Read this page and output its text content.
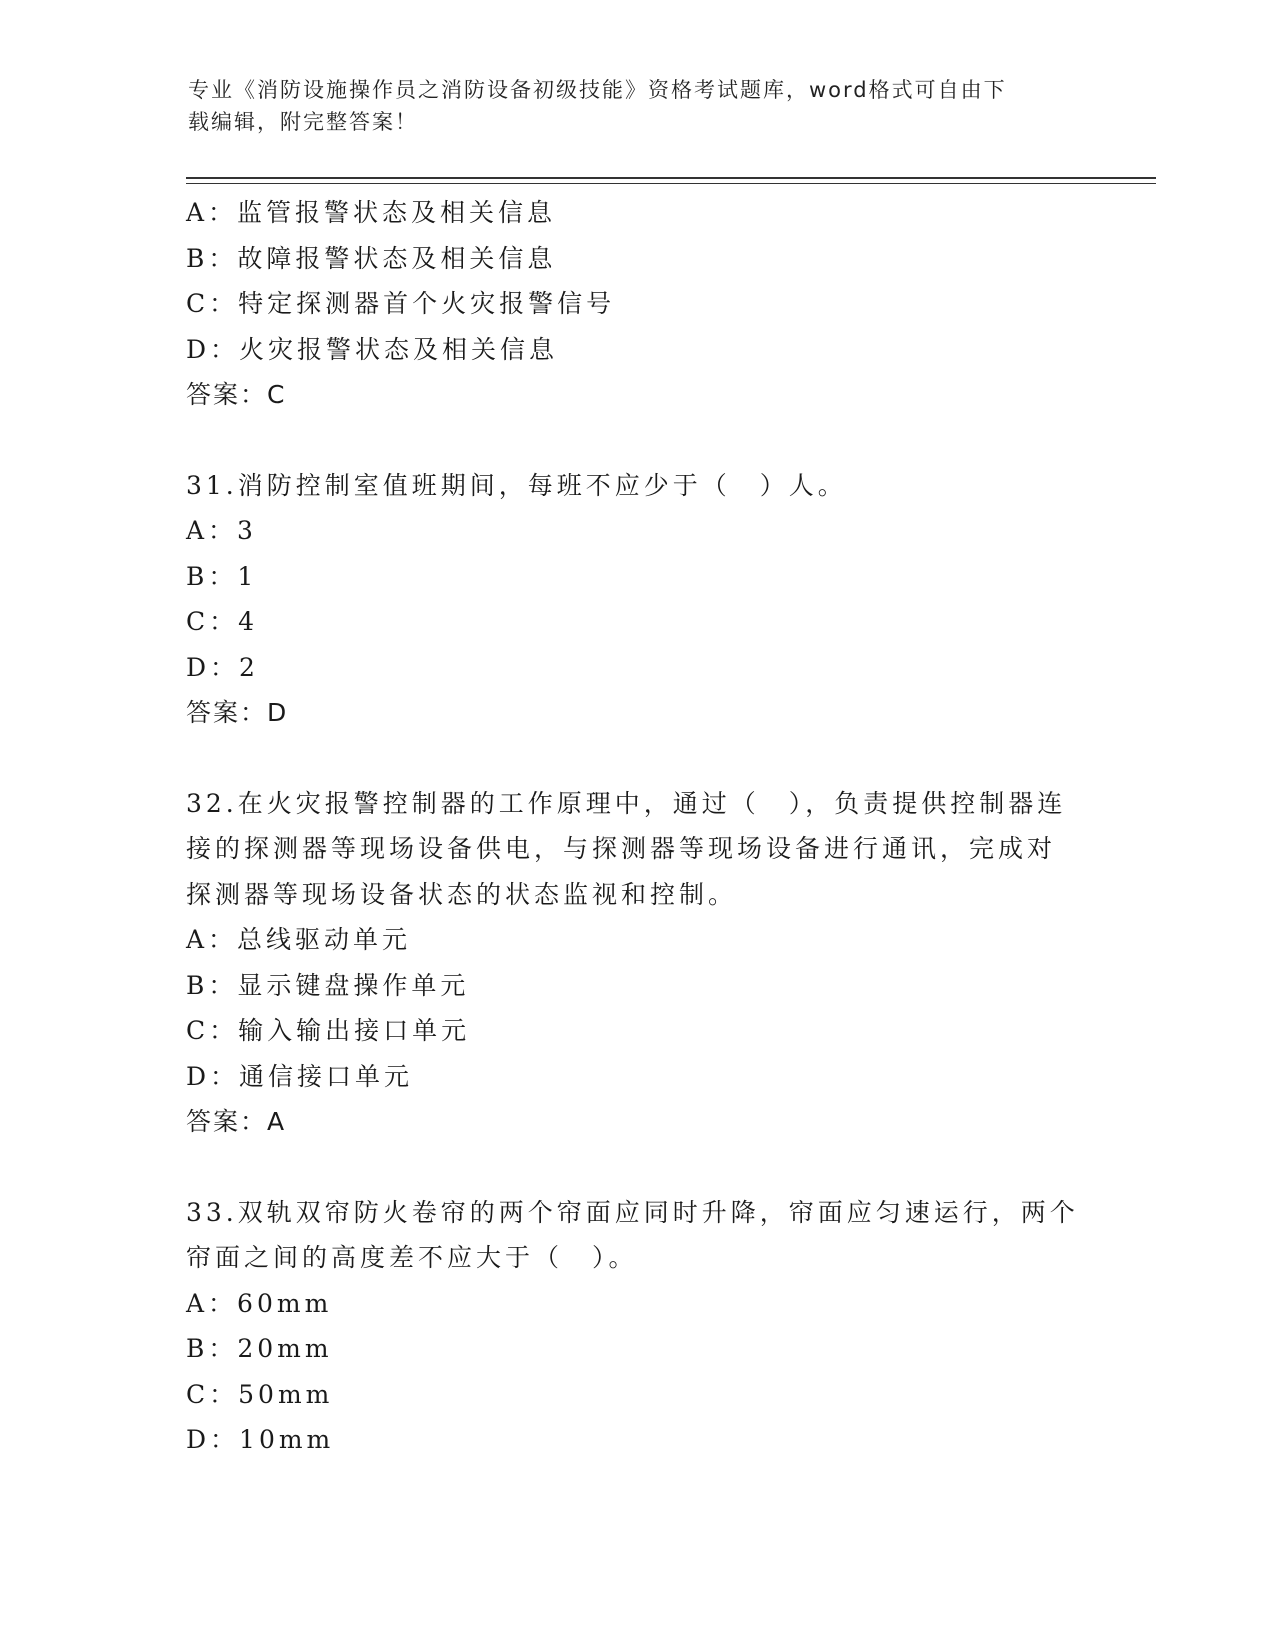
专业《消防设施操作员之消防设备初级技能》资格考试题库，word格式可自由下
载编辑，附完整答案！
A：监管报警状态及相关信息
B：故障报警状态及相关信息
C：特定探测器首个火灾报警信号
D：火灾报警状态及相关信息
答案：C
31.消防控制室值班期间，每班不应少于（　）人。
A：3
B：1
C：4
D：2
答案：D
32.在火灾报警控制器的工作原理中，通过（　），负责提供控制器连
接的探测器等现场设备供电，与探测器等现场设备进行通讯，完成对
探测器等现场设备状态的状态监视和控制。
A：总线驱动单元
B：显示键盘操作单元
C：输入输出接口单元
D：通信接口单元
答案：A
33.双轨双帘防火卷帘的两个帘面应同时升降，帘面应匀速运行，两个
帘面之间的高度差不应大于（　）。
A：60mm
B：20mm
C：50mm
D：10mm
